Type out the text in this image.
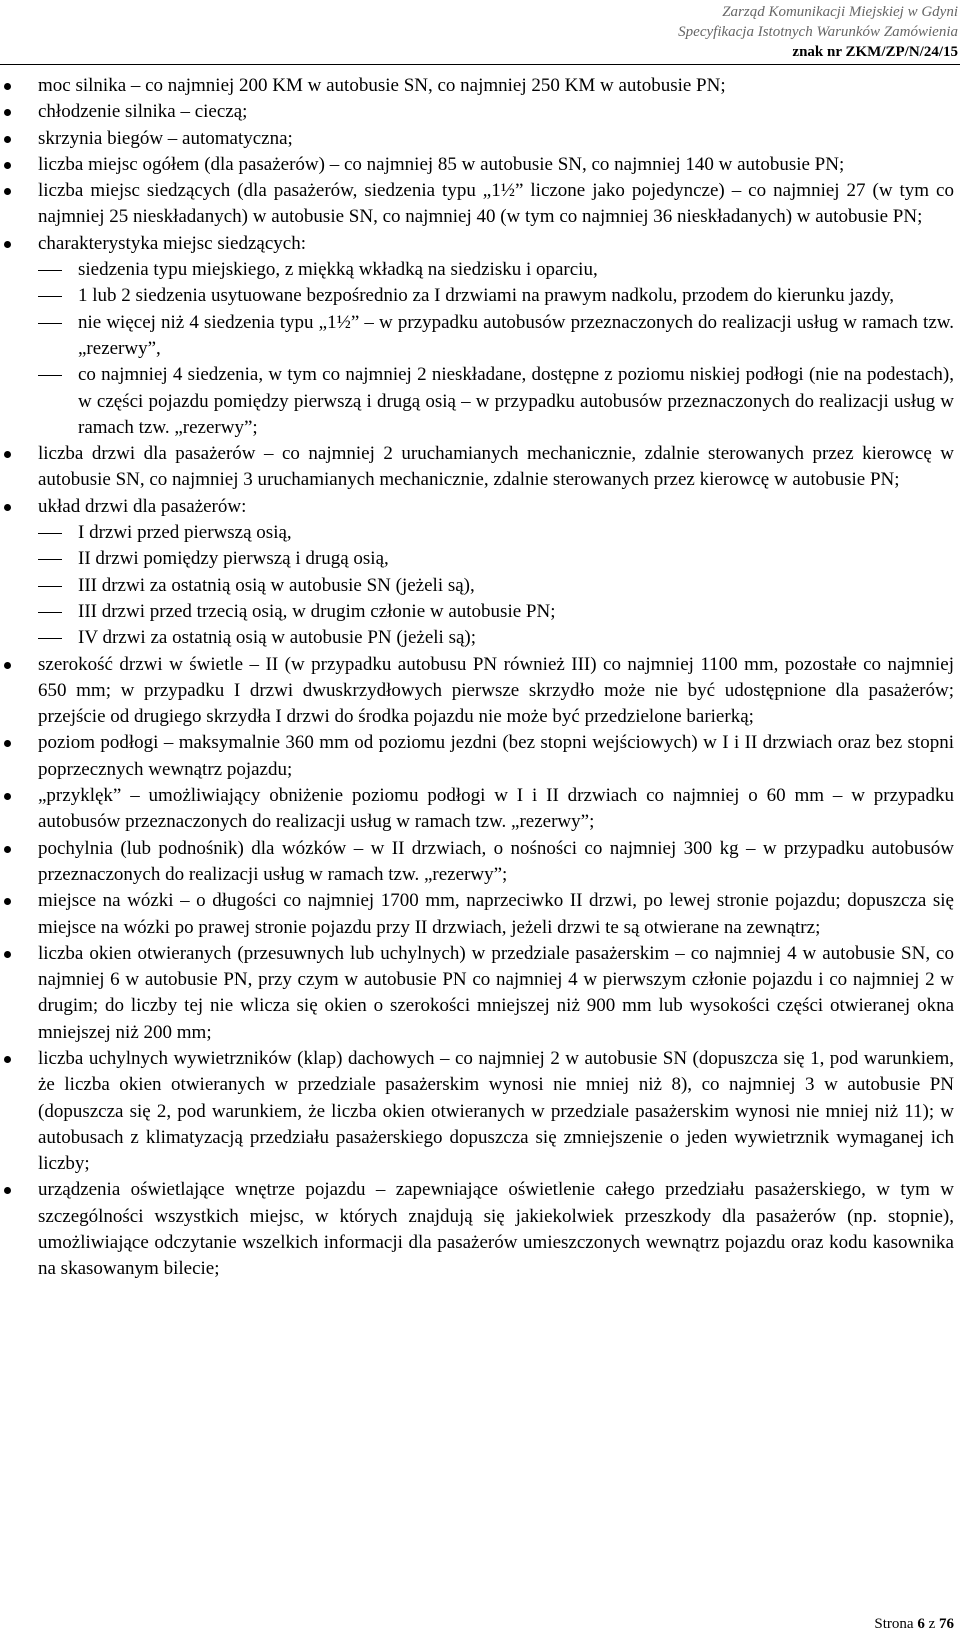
Zarząd Komunikacji Miejskiej w Gdyni
Specyfikacja Istotnych Warunków Zamówienia
znak nr ZKM/ZP/N/24/15
moc silnika – co najmniej 200 KM w autobusie SN, co najmniej 250 KM w autobusie PN;
chłodzenie silnika – cieczą;
skrzynia biegów – automatyczna;
liczba miejsc ogółem (dla pasażerów) – co najmniej 85 w autobusie SN, co najmniej 140 w autobusie PN;
liczba miejsc siedzących (dla pasażerów, siedzenia typu „1½” liczone jako pojedyncze) – co najmniej 27 (w tym co najmniej 25 nieskładanych) w autobusie SN, co najmniej 40 (w tym co najmniej 36 nieskładanych) w autobusie PN;
charakterystyka miejsc siedzących:
siedzenia typu miejskiego, z miękką wkładką na siedzisku i oparciu,
1 lub 2 siedzenia usytuowane bezpośrednio za I drzwiami na prawym nadkolu, przodem do kierunku jazdy,
nie więcej niż 4 siedzenia typu „1½” – w przypadku autobusów przeznaczonych do realizacji usług w ramach tzw. „rezerwy”,
co najmniej 4 siedzenia, w tym co najmniej 2 nieskładane, dostępne z poziomu niskiej podłogi (nie na podestach), w części pojazdu pomiędzy pierwszą i drugą osią – w przypadku autobusów przeznaczonych do realizacji usług w ramach tzw. „rezerwy”;
liczba drzwi dla pasażerów – co najmniej 2 uruchamianych mechanicznie, zdalnie sterowanych przez kierowcę w autobusie SN, co najmniej 3 uruchamianych mechanicznie, zdalnie sterowanych przez kierowcę w autobusie PN;
układ drzwi dla pasażerów:
I drzwi przed pierwszą osią,
II drzwi pomiędzy pierwszą i drugą osią,
III drzwi za ostatnią osią w autobusie SN (jeżeli są),
III drzwi przed trzecią osią, w drugim członie w autobusie PN;
IV drzwi za ostatnią osią w autobusie PN (jeżeli są);
szerokość drzwi w świetle – II (w przypadku autobusu PN również III) co najmniej 1100 mm, pozostałe co najmniej 650 mm; w przypadku I drzwi dwuskrzydłowych pierwsze skrzydło może nie być udostępnione dla pasażerów; przejście od drugiego skrzydła I drzwi do środka pojazdu nie może być przedzielone barierką;
poziom podłogi – maksymalnie 360 mm od poziomu jezdni (bez stopni wejściowych) w I i II drzwiach oraz bez stopni poprzecznych wewnątrz pojazdu;
„przyklęk” – umożliwiający obniżenie poziomu podłogi w I i II drzwiach co najmniej o 60 mm – w przypadku autobusów przeznaczonych do realizacji usług w ramach tzw. „rezerwy”;
pochylnia (lub podnośnik) dla wózków – w II drzwiach, o nośności co najmniej 300 kg – w przypadku autobusów przeznaczonych do realizacji usług w ramach tzw. „rezerwy”;
miejsce na wózki – o długości co najmniej 1700 mm, naprzeciwko II drzwi, po lewej stronie pojazdu; dopuszcza się miejsce na wózki po prawej stronie pojazdu przy II drzwiach, jeżeli drzwi te są otwierane na zewnątrz;
liczba okien otwieranych (przesuwnych lub uchylnych) w przedziale pasażerskim – co najmniej 4 w autobusie SN, co najmniej 6 w autobusie PN, przy czym w autobusie PN co najmniej 4 w pierwszym członie pojazdu i co najmniej 2 w drugim; do liczby tej nie wlicza się okien o szerokości mniejszej niż 900 mm lub wysokości części otwieranej okna mniejszej niż 200 mm;
liczba uchylnych wywietrzników (klap) dachowych – co najmniej 2 w autobusie SN (dopuszcza się 1, pod warunkiem, że liczba okien otwieranych w przedziale pasażerskim wynosi nie mniej niż 8), co najmniej 3 w autobusie PN (dopuszcza się 2, pod warunkiem, że liczba okien otwieranych w przedziale pasażerskim wynosi nie mniej niż 11); w autobusach z klimatyzacją przedziału pasażerskiego dopuszcza się zmniejszenie o jeden wywietrznik wymaganej ich liczby;
urządzenia oświetlające wnętrze pojazdu – zapewniające oświetlenie całego przedziału pasażerskiego, w tym w szczególności wszystkich miejsc, w których znajdują się jakiekolwiek przeszkody dla pasażerów (np. stopnie), umożliwiające odczytanie wszelkich informacji dla pasażerów umieszczonych wewnątrz pojazdu oraz kodu kasownika na skasowanym bilecie;
Strona 6 z 76
